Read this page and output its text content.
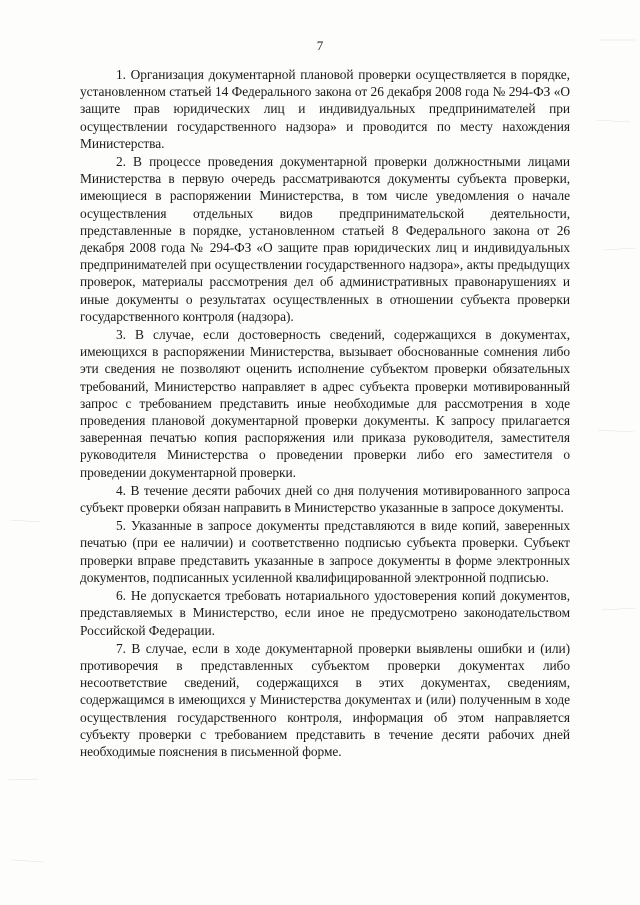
7

1. Организация документарной плановой проверки осуществляется в порядке, установленном статьей 14 Федерального закона от 26 декабря 2008 года № 294-ФЗ «О защите прав юридических лиц и индивидуальных предпринимателей при осуществлении государственного надзора» и проводится по месту нахождения Министерства.

2. В процессе проведения документарной проверки должностными лицами Министерства в первую очередь рассматриваются документы субъекта проверки, имеющиеся в распоряжении Министерства, в том числе уведомления о начале осуществления отдельных видов предпринимательской деятельности, представленные в порядке, установленном статьей 8 Федерального закона от 26 декабря 2008 года № 294-ФЗ «О защите прав юридических лиц и индивидуальных предпринимателей при осуществлении государственного надзора», акты предыдущих проверок, материалы рассмотрения дел об административных правонарушениях и иные документы о результатах осуществленных в отношении субъекта проверки государственного контроля (надзора).

3. В случае, если достоверность сведений, содержащихся в документах, имеющихся в распоряжении Министерства, вызывает обоснованные сомнения либо эти сведения не позволяют оценить исполнение субъектом проверки обязательных требований, Министерство направляет в адрес субъекта проверки мотивированный запрос с требованием представить иные необходимые для рассмотрения в ходе проведения плановой документарной проверки документы. К запросу прилагается заверенная печатью копия распоряжения или приказа руководителя, заместителя руководителя Министерства о проведении проверки либо его заместителя о проведении документарной проверки.

4. В течение десяти рабочих дней со дня получения мотивированного запроса субъект проверки обязан направить в Министерство указанные в запросе документы.

5. Указанные в запросе документы представляются в виде копий, заверенных печатью (при ее наличии) и соответственно подписью субъекта проверки. Субъект проверки вправе представить указанные в запросе документы в форме электронных документов, подписанных усиленной квалифицированной электронной подписью.

6. Не допускается требовать нотариального удостоверения копий документов, представляемых в Министерство, если иное не предусмотрено законодательством Российской Федерации.

7. В случае, если в ходе документарной проверки выявлены ошибки и (или) противоречия в представленных субъектом проверки документах либо несоответствие сведений, содержащихся в этих документах, сведениям, содержащимся в имеющихся у Министерства документах и (или) полученным в ходе осуществления государственного контроля, информация об этом направляется субъекту проверки с требованием представить в течение десяти рабочих дней необходимые пояснения в письменной форме.
